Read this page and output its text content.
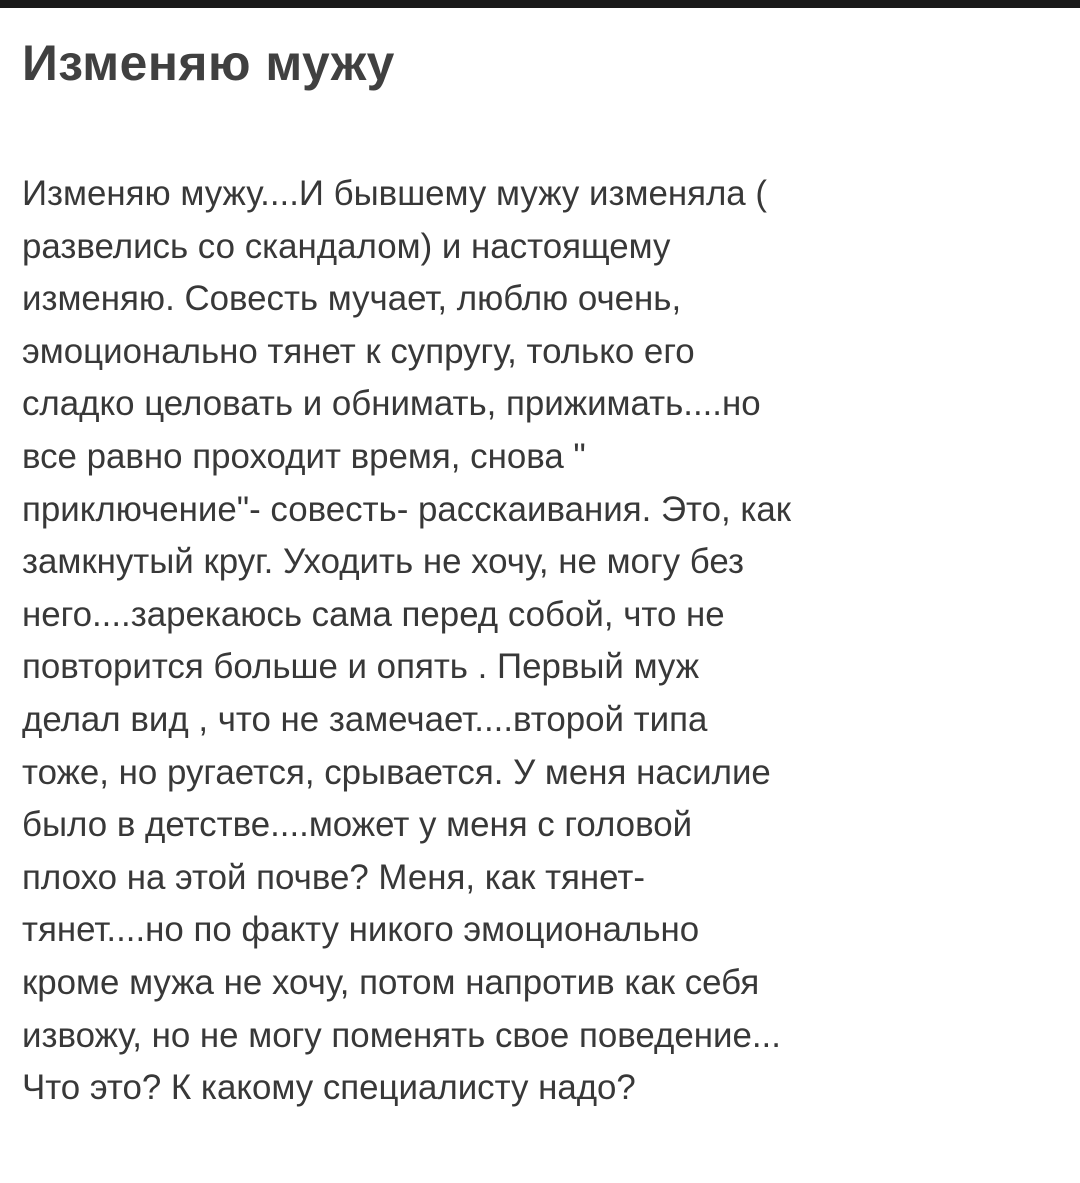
Изменяю мужу
Изменяю мужу....И бывшему мужу изменяла (
развелись со скандалом) и настоящему
изменяю. Совесть мучает, люблю очень,
эмоционально тянет к супругу, только его
сладко целовать и обнимать, прижимать....но
все равно проходит время, снова "
приключение"- совесть- расскаивания. Это, как
замкнутый круг. Уходить не хочу, не могу без
него....зарекаюсь сама перед собой, что не
повторится больше и опять . Первый муж
делал вид , что не замечает....второй типа
тоже, но ругается, срывается. У меня насилие
было в детстве....может у меня с головой
плохо на этой почве? Меня, как тянет-
тянет....но по факту никого эмоционально
кроме мужа не хочу, потом напротив как себя
извожу, но не могу поменять свое поведение...
Что это? К какому специалисту надо?
